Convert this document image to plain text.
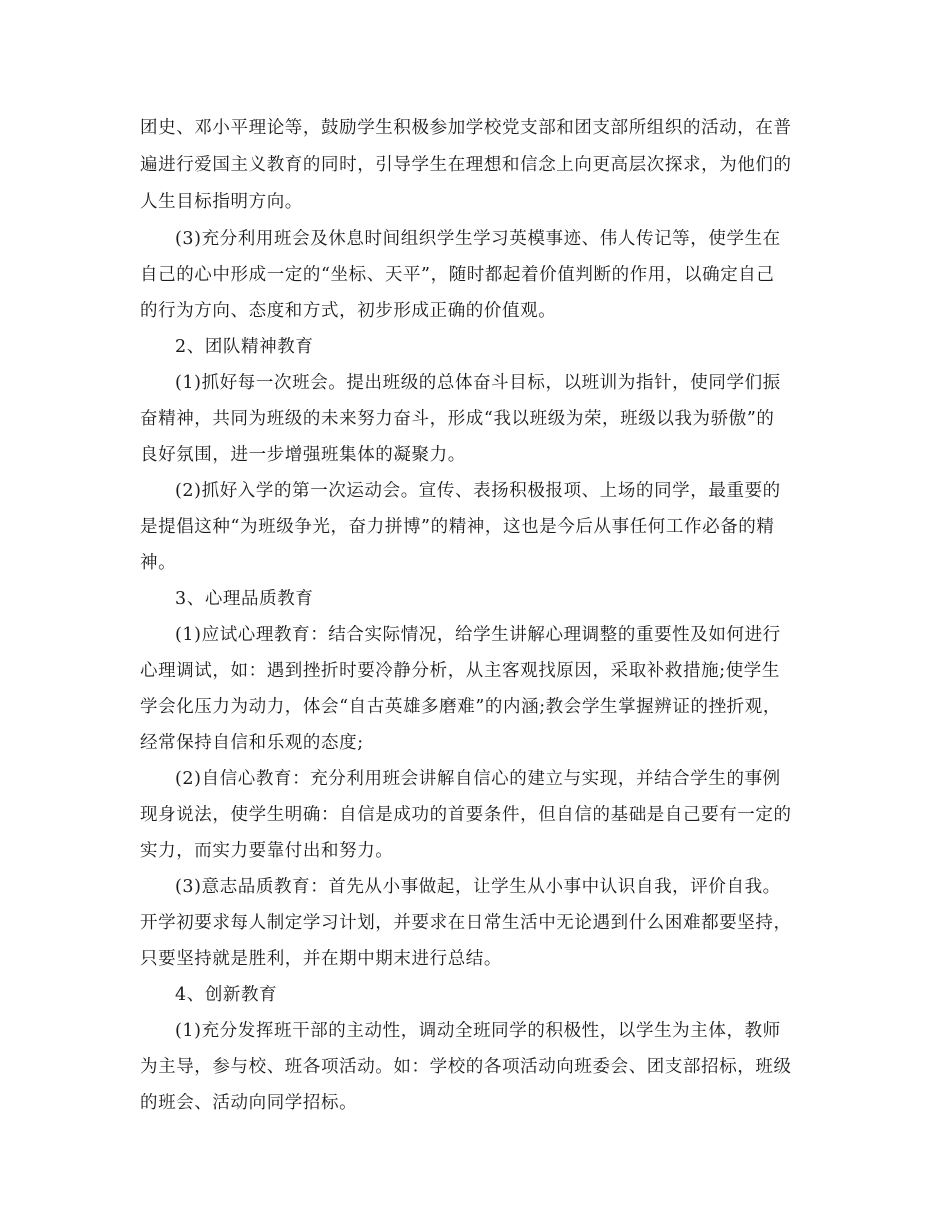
团史、邓小平理论等，鼓励学生积极参加学校党支部和团支部所组织的活动，在普
遍进行爱国主义教育的同时，引导学生在理想和信念上向更高层次探求，为他们的
人生目标指明方向。
(3)充分利用班会及休息时间组织学生学习英模事迹、伟人传记等，使学生在
自己的心中形成一定的“坐标、天平”，随时都起着价值判断的作用，以确定自己
的行为方向、态度和方式，初步形成正确的价值观。
2、团队精神教育
(1)抓好每一次班会。提出班级的总体奋斗目标，以班训为指针，使同学们振
奋精神，共同为班级的未来努力奋斗，形成“我以班级为荣，班级以我为骄傲”的
良好氛围，进一步增强班集体的凝聚力。
(2)抓好入学的第一次运动会。宣传、表扬积极报项、上场的同学，最重要的
是提倡这种“为班级争光，奋力拼博”的精神，这也是今后从事任何工作必备的精
神。
3、心理品质教育
(1)应试心理教育：结合实际情况，给学生讲解心理调整的重要性及如何进行
心理调试，如：遇到挫折时要冷静分析，从主客观找原因，采取补救措施;使学生
学会化压力为动力，体会“自古英雄多磨难”的内涵;教会学生掌握辨证的挫折观，
经常保持自信和乐观的态度;
(2)自信心教育：充分利用班会讲解自信心的建立与实现，并结合学生的事例
现身说法，使学生明确：自信是成功的首要条件，但自信的基础是自己要有一定的
实力，而实力要靠付出和努力。
(3)意志品质教育：首先从小事做起，让学生从小事中认识自我，评价自我。
开学初要求每人制定学习计划，并要求在日常生活中无论遇到什么困难都要坚持，
只要坚持就是胜利，并在期中期末进行总结。
4、创新教育
(1)充分发挥班干部的主动性，调动全班同学的积极性，以学生为主体，教师
为主导，参与校、班各项活动。如：学校的各项活动向班委会、团支部招标，班级
的班会、活动向同学招标。
